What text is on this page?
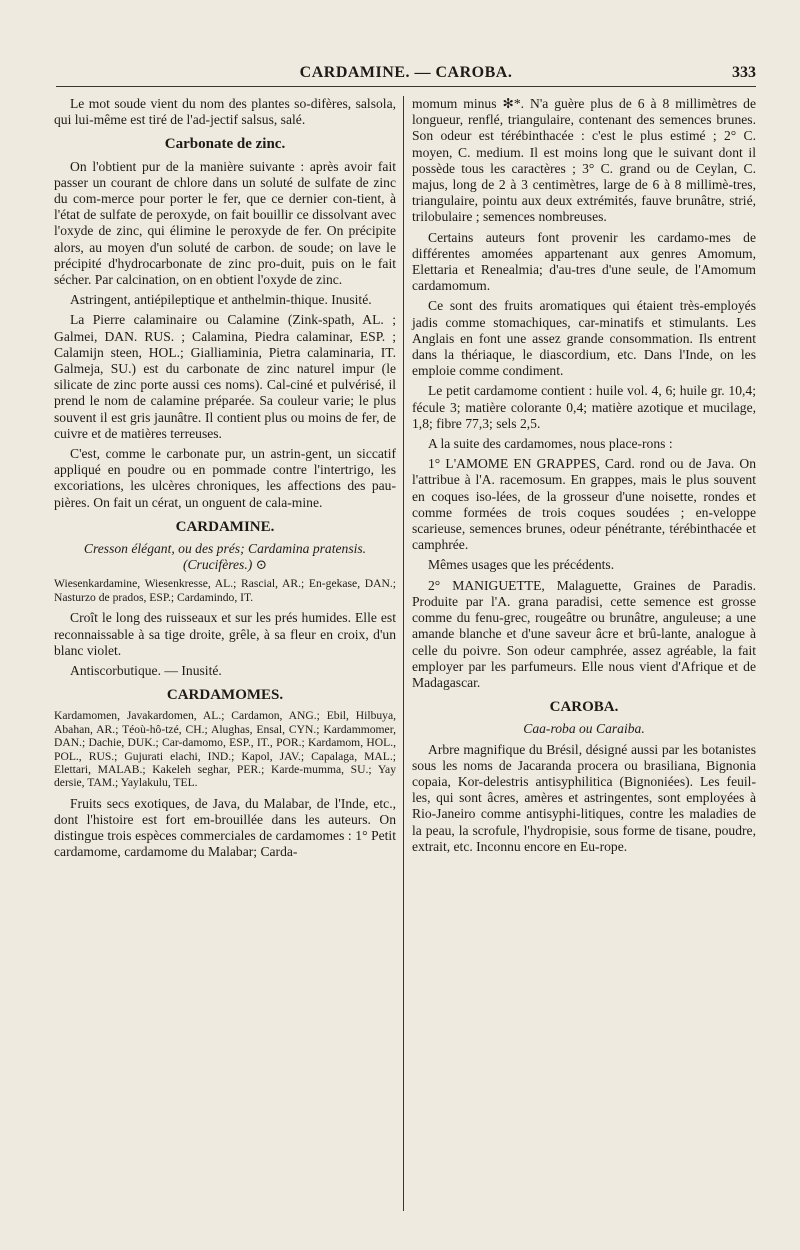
CARDAMINE. — CAROBA.	333

Le mot soude vient du nom des plantes so-difères, salsola, qui lui-même est tiré de l'ad-jectif salsus, salé.

Carbonate de zinc.

On l'obtient pur de la manière suivante : après avoir fait passer un courant de chlore dans un soluté de sulfate de zinc du com-merce pour porter le fer, que ce dernier con-tient, à l'état de sulfate de peroxyde, on fait bouillir ce dissolvant avec l'oxyde de zinc, qui élimine le peroxyde de fer. On précipite alors, au moyen d'un soluté de carbon. de soude; on lave le précipité d'hydrocarbonate de zinc pro-duit, puis on le fait sécher. Par calcination, on en obtient l'oxyde de zinc.

Astringent, antiépileptique et anthelmin-thique. Inusité.

La Pierre calaminaire ou Calamine (Zink-spath, AL. ; Galmei, DAN. RUS. ; Calamina, Piedra calaminar, ESP. ; Calamijn steen, HOL.; Gialliaminia, Pietra calaminaria, IT. Galmeja, SU.) est du carbonate de zinc naturel impur (le silicate de zinc porte aussi ces noms). Cal-ciné et pulvérisé, il prend le nom de calamine préparée. Sa couleur varie; le plus souvent il est gris jaunâtre. Il contient plus ou moins de fer, de cuivre et de matières terreuses.

C'est, comme le carbonate pur, un astrin-gent, un siccatif appliqué en poudre ou en pommade contre l'intertrigo, les excoriations, les ulcères chroniques, les affections des pau-pières. On fait un cérat, un onguent de cala-mine.

CARDAMINE.
Cresson élégant, ou des prés; Cardamina pratensis. (Crucifères.) ⊙

Wiesenkardamine, Wiesenkresse, AL.; Rascial, AR.; En-gekase, DAN.; Nasturzo de prados, ESP.; Cardamindo, IT.

Croît le long des ruisseaux et sur les prés humides. Elle est reconnaissable à sa tige droite, grêle, à sa fleur en croix, d'un blanc violet.

Antiscorbutique. — Inusité.

CARDAMOMES.

Kardamomen, Javakardomen, AL.; Cardamon, ANG.; Ebil, Hilbuya, Abahan, AR.; Téoù-hô-tzé, CH.; Alughas, Ensal, CYN.; Kardammomer, DAN.; Dachie, DUK.; Car-damomo, ESP., IT., POR.; Kardamom, HOL., POL., RUS.; Gujurati elachi, IND.; Kapol, JAV.; Capalaga, MAL.; Elettari, MALAB.; Kakeleh seghar, PER.; Karde-mumma, SU.; Yay dersie, TAM.; Yaylakulu, TEL.

Fruits secs exotiques, de Java, du Malabar, de l'Inde, etc., dont l'histoire est fort em-brouillée dans les auteurs. On distingue trois espèces commerciales de cardamomes : 1° Petit cardamome, cardamome du Malabar; Carda-

momum minus ✻*. N'a guère plus de 6 à 8 millimètres de longueur, renflé, triangulaire, contenant des semences brunes. Son odeur est térébinthacée : c'est le plus estimé ; 2° C. moyen, C. medium. Il est moins long que le suivant dont il possède tous les caractères ; 3° C. grand ou de Ceylan, C. majus, long de 2 à 3 centimètres, large de 6 à 8 millimè-tres, triangulaire, pointu aux deux extrémités, fauve brunâtre, strié, trilobulaire ; semences nombreuses.

Certains auteurs font provenir les cardamo-mes de différentes amomées appartenant aux genres Amomum, Elettaria et Renealmia; d'au-tres d'une seule, de l'Amomum cardamomum.

Ce sont des fruits aromatiques qui étaient très-employés jadis comme stomachiques, car-minatifs et stimulants. Les Anglais en font une assez grande consommation. Ils entrent dans la thériaque, le diascordium, etc. Dans l'Inde, on les emploie comme condiment.

Le petit cardamome contient : huile vol. 4, 6; huile gr. 10,4; fécule 3; matière colorante 0,4; matière azotique et mucilage, 1,8; fibre 77,3; sels 2,5.

A la suite des cardamomes, nous place-rons :

1° L'AMOME EN GRAPPES, Card. rond ou de Java. On l'attribue à l'A. racemosum. En grappes, mais le plus souvent en coques iso-lées, de la grosseur d'une noisette, rondes et comme formées de trois coques soudées ; en-veloppe scarieuse, semences brunes, odeur pénétrante, térébinthacée et camphrée.

Mêmes usages que les précédents.

2° MANIGUETTE, Malaguette, Graines de Paradis. Produite par l'A. grana paradisi, cette semence est grosse comme du fenu-grec, rougeâtre ou brunâtre, anguleuse; a une amande blanche et d'une saveur âcre et brû-lante, analogue à celle du poivre. Son odeur camphrée, assez agréable, la fait employer par les parfumeurs. Elle nous vient d'Afrique et de Madagascar.

CAROBA.
Caa-roba ou Caraiba.

Arbre magnifique du Brésil, désigné aussi par les botanistes sous les noms de Jacaranda procera ou brasiliana, Bignonia copaia, Kor-delestris antisyphilitica (Bignoniées). Les feuil-les, qui sont âcres, amères et astringentes, sont employées à Rio-Janeiro comme antisyphi-litiques, contre les maladies de la peau, la scrofule, l'hydropisie, sous forme de tisane, poudre, extrait, etc. Inconnu encore en Eu-rope.
